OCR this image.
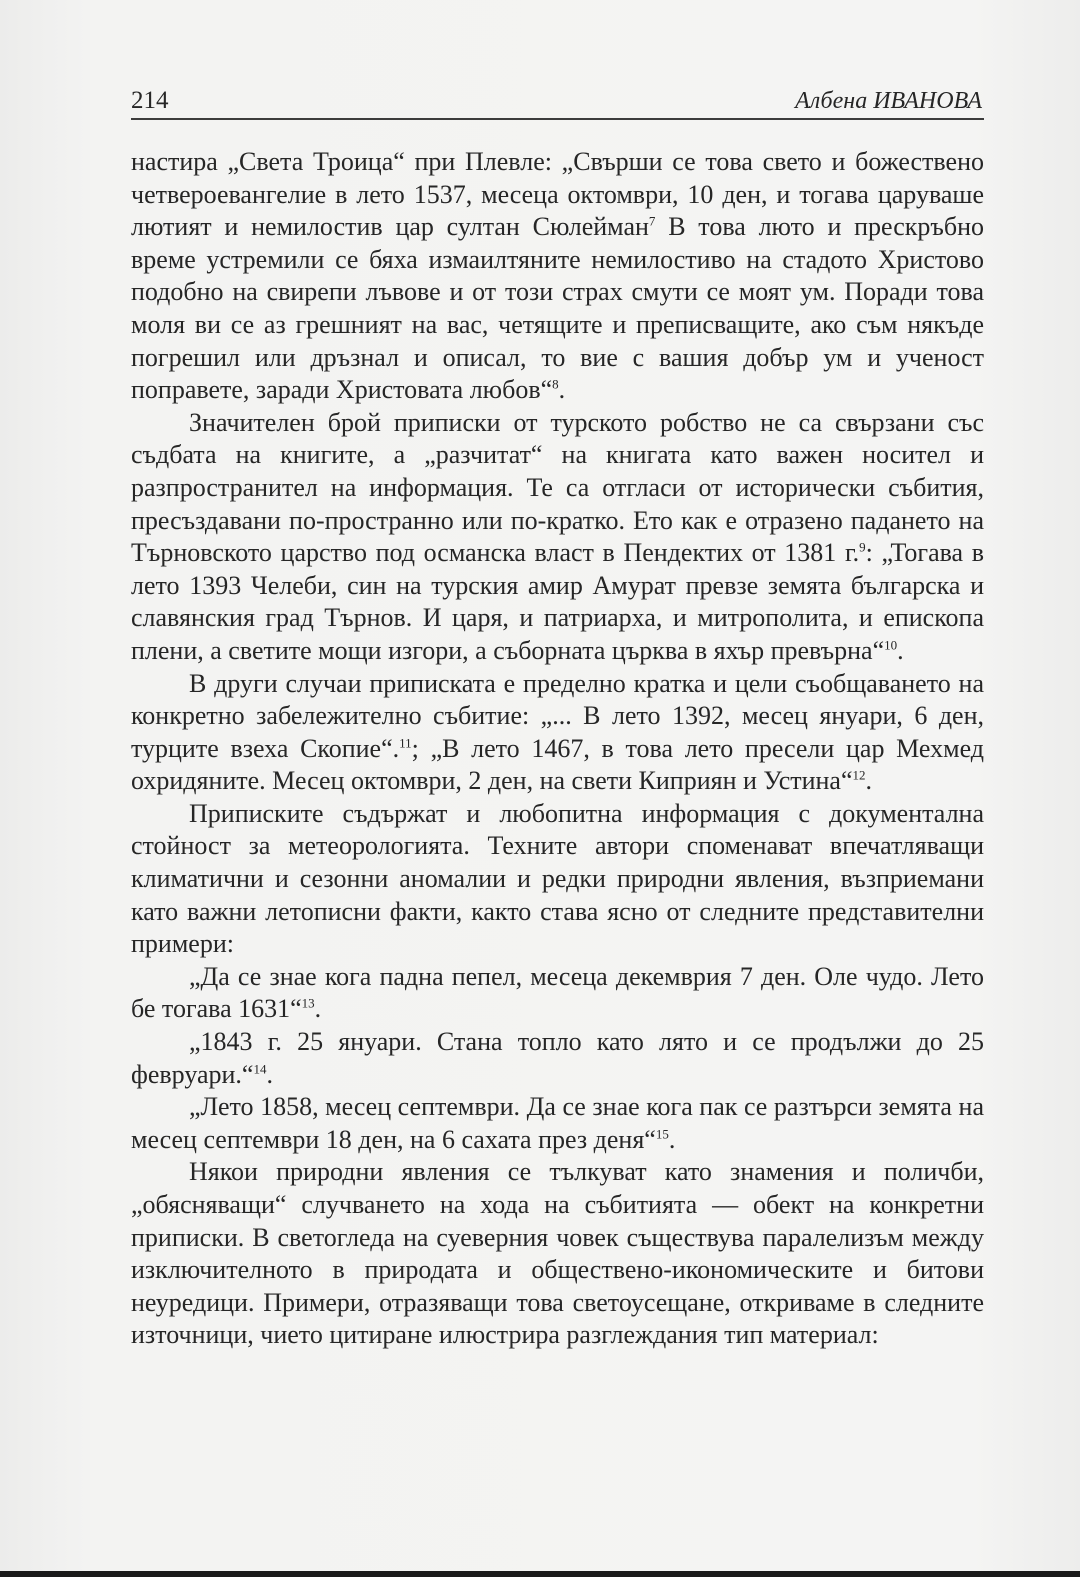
214	Албена ИВАНОВА

настира „Света Троица“ при Плевле: „Свърши се това свето и божествено четвероевангелие в лето 1537, месеца октомври, 10 ден, и тогава царуваше лютият и немилостив цар султан Сюлейман$^7$ В това люто и прескръбно време устремили се бяха измаилтяните немилостиво на стадото Христово подобно на свирепи лъвове и от този страх смути се моят ум. Поради това моля ви се аз грешният на вас, четящите и преписващите, ако съм някъде погрешил или дръзнал и описал, то вие с вашия добър ум и ученост поправете, заради Христовата любов“$^8$.

Значителен брой приписки от турското робство не са свързани със съдбата на книгите, а „разчитат“ на книгата като важен носител и разпространител на информация. Те са отгласи от исторически събития, пресъздавани по-пространно или по-кратко. Ето как е отразено падането на Търновското царство под османска власт в Пендектих от 1381 г.$^9$: „Тогава в лето 1393 Челеби, син на турския амир Амурат превзе земята българска и славянския град Търнов. И царя, и патриарха, и митрополита, и епископа плени, а светите мощи изгори, а съборната църква в яхър превърна“$^{10}$.

В други случаи приписката е пределно кратка и цели съобщаването на конкретно забележително събитие: „... В лето 1392, месец януари, 6 ден, турците взеха Скопие“.$^{11}$; „В лето 1467, в това лето пресели цар Мехмед охридяните. Месец октомври, 2 ден, на свети Киприян и Устина“$^{12}$.

Приписките съдържат и любопитна информация с документална стойност за метеорологията. Техните автори споменават впечатляващи климатични и сезонни аномалии и редки природни явления, възприемани като важни летописни факти, както става ясно от следните представителни примери:

„Да се знае кога падна пепел, месеца декемврия 7 ден. Оле чудо. Лето бе тогава 1631“$^{13}$.

„1843 г. 25 януари. Стана топло като лято и се продължи до 25 февруари.“$^{14}$.

„Лето 1858, месец септември. Да се знае кога пак се разтърси земята на месец септември 18 ден, на 6 сахата през деня“$^{15}$.

Някои природни явления се тълкуват като знамения и поличби, „обясняващи“ случването на хода на събитията — обект на конкретни приписки. В светогледа на суеверния човек съществува паралелизъм между изключителното в природата и обществено-икономическите и битови неуредици. Примери, отразяващи това светоусещане, откриваме в следните източници, чието цитиране илюстрира разглеждания тип материал:
